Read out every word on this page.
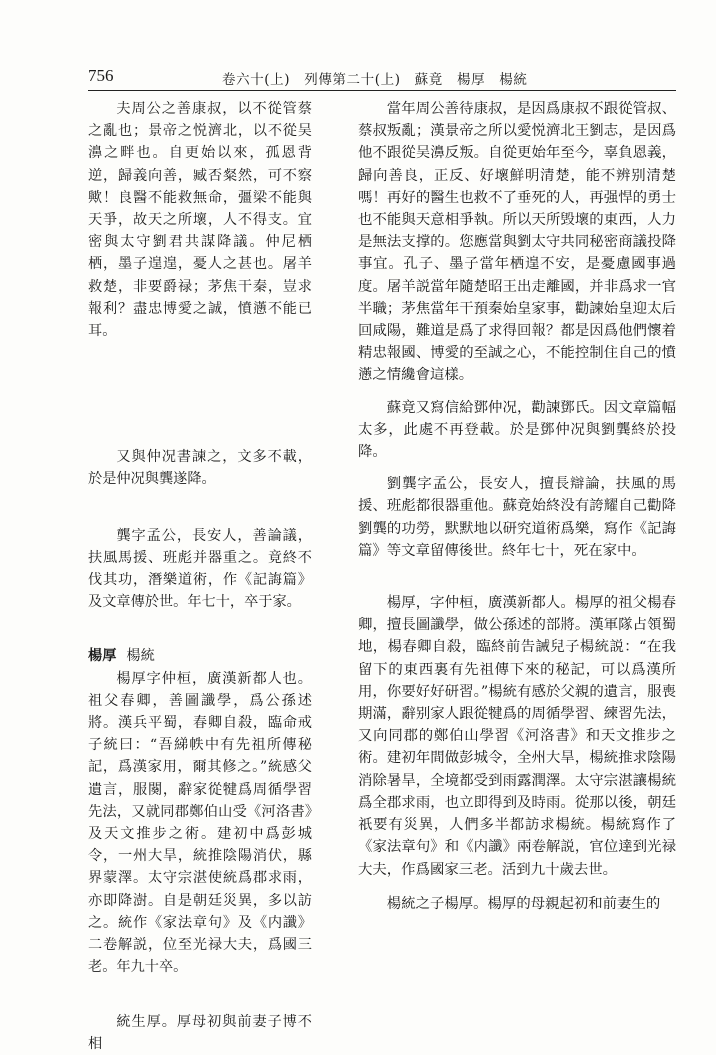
756	卷六十(上)　列傳第二十(上)　蘇竟　楊厚　楊統

夫周公之善康叔，以不從管蔡之亂也；景帝之悦濟北，以不從吴濞之畔也。自更始以來，孤恩背逆，歸義向善，臧否粲然，可不察歟！良醫不能救無命，彊梁不能與天爭，故天之所壞，人不得支。宜密與太守劉君共謀降議。仲尼栖栖，墨子遑遑，憂人之甚也。屠羊救楚，非要爵禄；茅焦干秦，豈求報利？盡忠博愛之誠，憤懣不能已耳。

又與仲况書諫之，文多不載，於是仲况與龔遂降。

龔字孟公，長安人，善論議，扶風馬援、班彪并器重之。竟終不伐其功，潛樂道術，作《記誨篇》及文章傳於世。年七十，卒于家。

楊厚 楊統

楊厚字仲桓，廣漢新都人也。祖父春卿，善圖讖學，爲公孫述將。漢兵平蜀，春卿自殺，臨命戒子統曰：“吾綈帙中有先祖所傳秘記，爲漢家用，爾其修之。”統感父遺言，服闋，辭家從犍爲周循學習先法，又就同郡鄭伯山受《河洛書》及天文推步之術。建初中爲彭城令，一州大旱，統推陰陽消伏，縣界蒙澤。太守宗湛使統爲郡求雨，亦即降澍。自是朝廷災異，多以訪之。統作《家法章句》及《内讖》二卷解説，位至光禄大夫，爲國三老。年九十卒。

統生厚。厚母初與前妻子博不相

當年周公善待康叔，是因爲康叔不跟從管叔、蔡叔叛亂；漢景帝之所以愛悦濟北王劉志，是因爲他不跟從吴濞反叛。自從更始年至今，辜負恩義，歸向善良，正反、好壞鮮明清楚，能不辨别清楚嗎！再好的醫生也救不了垂死的人，再强悍的勇士也不能與天意相爭執。所以天所毁壞的東西，人力是無法支撑的。您應當與劉太守共同秘密商議投降事宜。孔子、墨子當年栖遑不安，是憂慮國事過度。屠羊説當年隨楚昭王出走離國，并非爲求一官半職；茅焦當年干預秦始皇家事，勸諫始皇迎太后回咸陽，難道是爲了求得回報？都是因爲他們懷着精忠報國、博愛的至誠之心，不能控制住自己的憤懣之情纔會這樣。

蘇竟又寫信給鄧仲况，勸諫鄧氏。因文章篇幅太多，此處不再登載。於是鄧仲况與劉龔終於投降。

劉龔字孟公，長安人，擅長辯論，扶風的馬援、班彪都很器重他。蘇竟始終没有誇耀自己勸降劉龔的功勞，默默地以研究道術爲樂，寫作《記誨篇》等文章留傳後世。終年七十，死在家中。

楊厚，字仲桓，廣漢新都人。楊厚的祖父楊春卿，擅長圖讖學，做公孫述的部將。漢軍隊占領蜀地，楊春卿自殺，臨終前告誡兒子楊統説：“在我留下的東西裏有先祖傳下來的秘記，可以爲漢所用，你要好好研習。”楊統有感於父親的遺言，服喪期滿，辭别家人跟從犍爲的周循學習、練習先法，又向同郡的鄭伯山學習《河洛書》和天文推步之術。建初年間做彭城令，全州大旱，楊統推求陰陽消除暑旱，全境都受到雨露潤澤。太守宗湛讓楊統爲全郡求雨，也立即得到及時雨。從那以後，朝廷祇要有災異，人們多半都訪求楊統。楊統寫作了《家法章句》和《内讖》兩卷解説，官位達到光禄大夫，作爲國家三老。活到九十歲去世。

楊統之子楊厚。楊厚的母親起初和前妻生的
